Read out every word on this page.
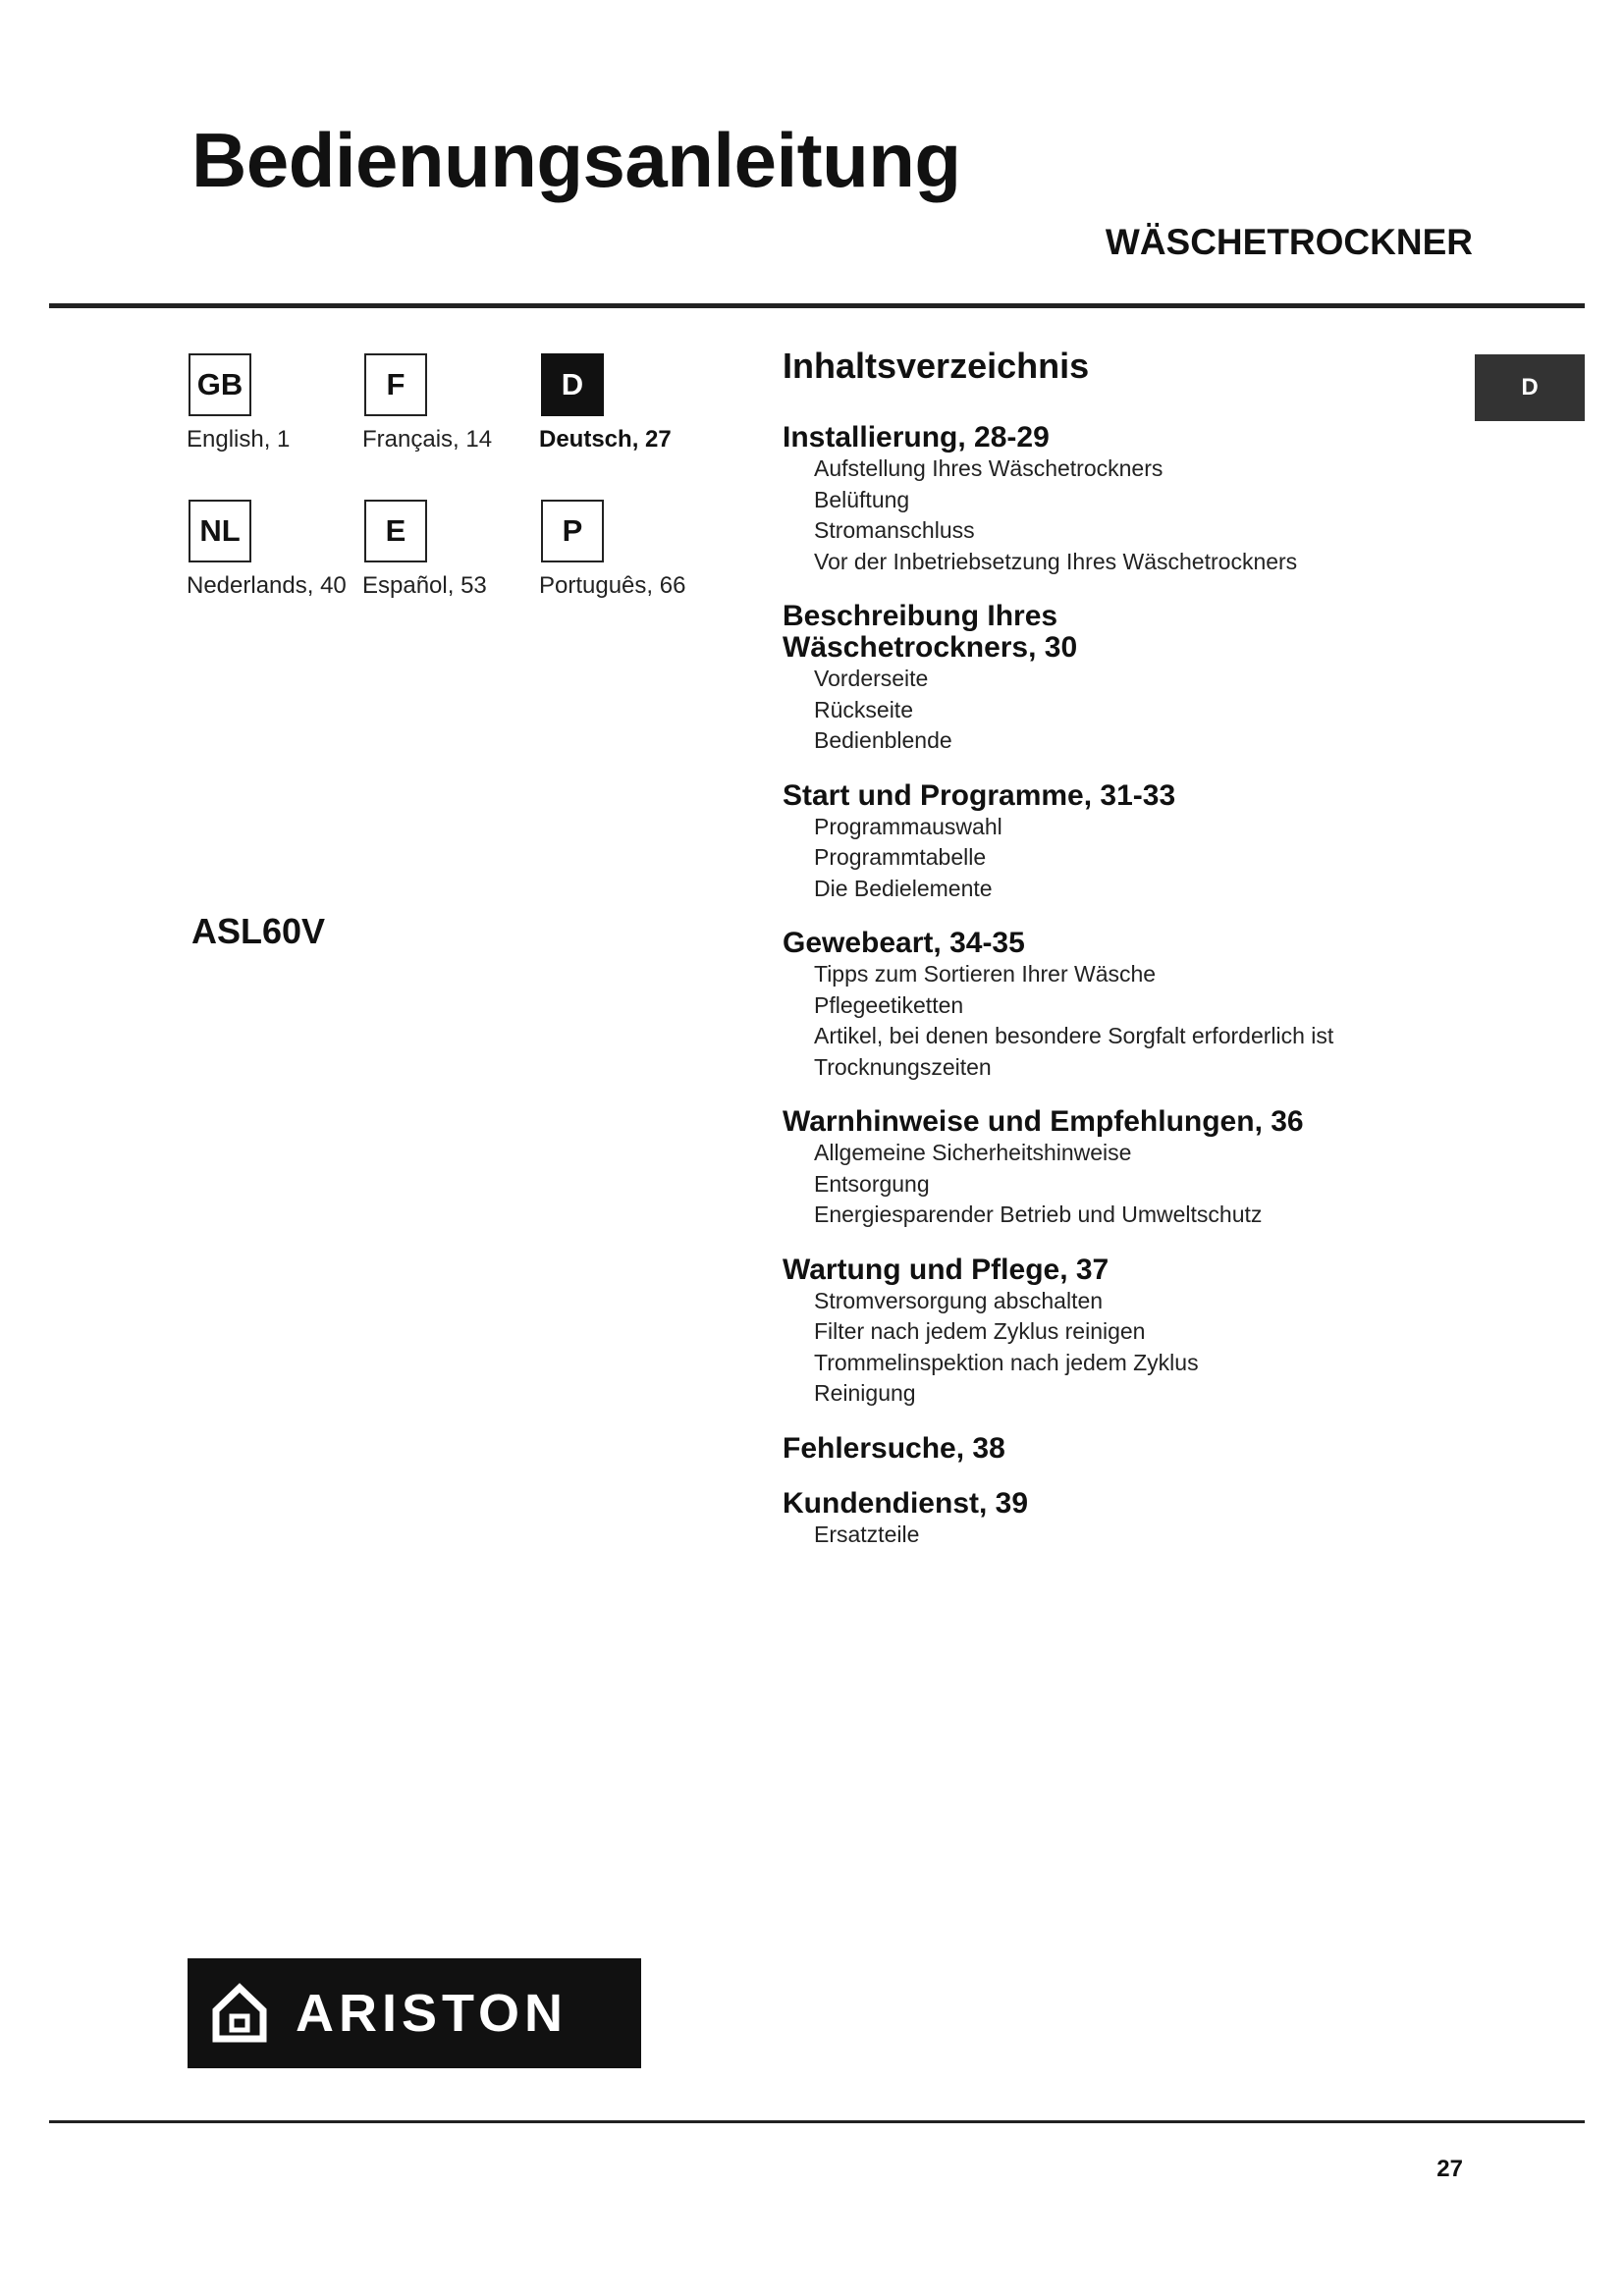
Bedienungsanleitung
WÄSCHETROCKNER
GB
English, 1
F
Français, 14
D
Deutsch, 27
NL
Nederlands, 40
E
Español, 53
P
Português, 66
ASL60V
ARISTON
Inhaltsverzeichnis
Installierung, 28-29
Aufstellung Ihres Wäschetrockners
Belüftung
Stromanschluss
Vor der Inbetriebsetzung Ihres Wäschetrockners
Beschreibung Ihres
Wäschetrockners, 30
Vorderseite
Rückseite
Bedienblende
Start und Programme, 31-33
Programmauswahl
Programmtabelle
Die Bedielemente
Gewebeart, 34-35
Tipps zum Sortieren Ihrer Wäsche
Pflegeetiketten
Artikel, bei denen besondere Sorgfalt erforderlich ist
Trocknungszeiten
Warnhinweise und Empfehlungen, 36
Allgemeine Sicherheitshinweise
Entsorgung
Energiesparender Betrieb und Umweltschutz
Wartung und Pflege, 37
Stromversorgung abschalten
Filter nach jedem Zyklus reinigen
Trommelinspektion nach jedem Zyklus
Reinigung
Fehlersuche, 38
Kundendienst, 39
Ersatzteile
D
27
